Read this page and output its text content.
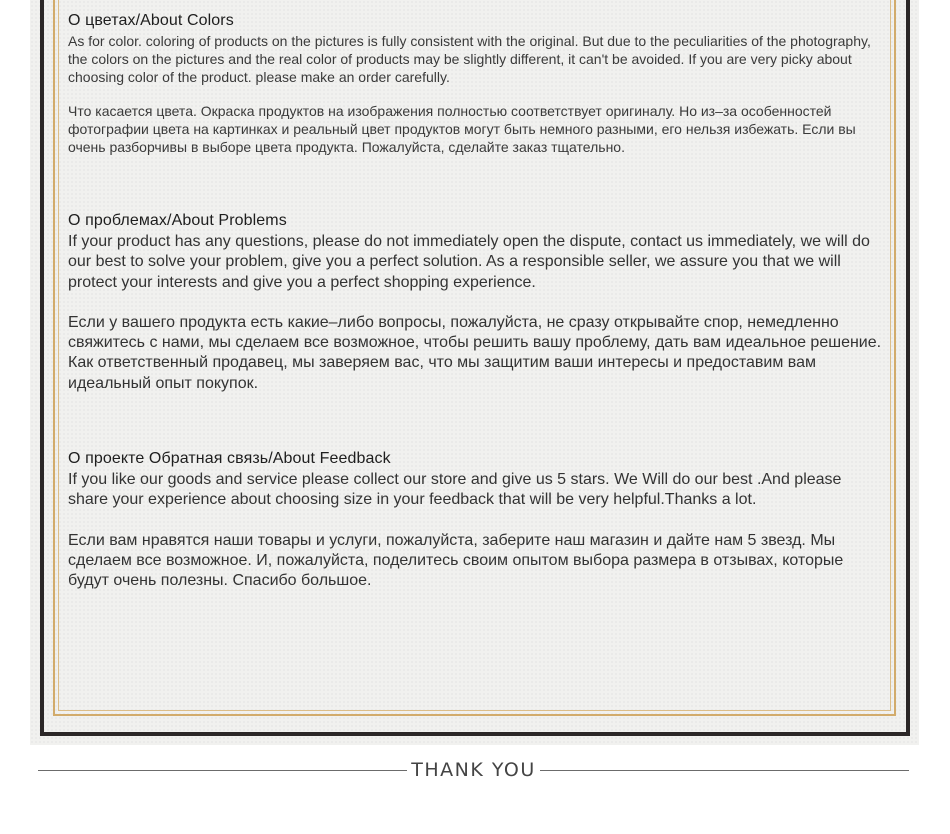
О цветах/About Colors

As for color. coloring of products on the pictures is fully consistent with the original. But due to the peculiarities of the photography, the colors on the pictures and the real color of products may be slightly different, it can't be avoided. If you are very picky about choosing color of the product. please make an order carefully.

Что касается цвета. Окраска продуктов на изображения полностью соответствует оригиналу. Но из–за особенностей фотографии цвета на картинках и реальный цвет продуктов могут быть немного разными, его нельзя избежать. Если вы очень разборчивы в выборе цвета продукта. Пожалуйста, сделайте заказ тщательно.

О проблемах/About Problems

If your product has any questions, please do not immediately open the dispute, contact us immediately, we will do our best to solve your problem, give you a perfect solution. As a responsible seller, we assure you that we will protect your interests and give you a perfect shopping experience.

Если у вашего продукта есть какие–либо вопросы, пожалуйста, не сразу открывайте спор, немедленно свяжитесь с нами, мы сделаем все возможное, чтобы решить вашу проблему, дать вам идеальное решение. Как ответственный продавец, мы заверяем вас, что мы защитим ваши интересы и предоставим вам идеальный опыт покупок.

О проекте Обратная связь/About Feedback

If you like our goods and service please collect our store and give us 5 stars. We Will do our best .And please share your experience about choosing size in your feedback that will be very helpful.Thanks a lot.

Если вам нравятся наши товары и услуги, пожалуйста, заберите наш магазин и дайте нам 5 звезд. Мы сделаем все возможное. И, пожалуйста, поделитесь своим опытом выбора размера в отзывах, которые будут очень полезны. Спасибо большое.

THANK YOU
